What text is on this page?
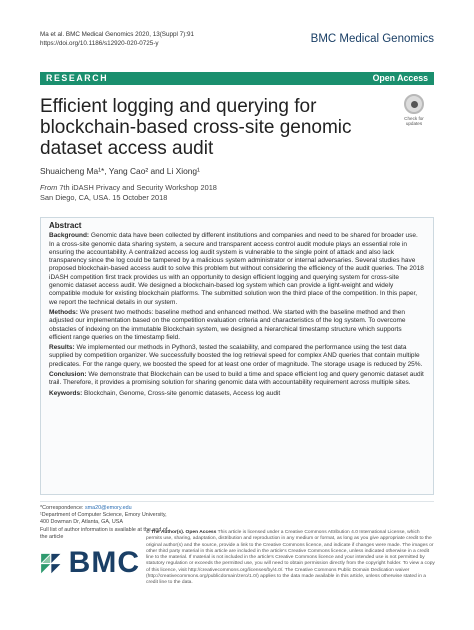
Ma et al. BMC Medical Genomics 2020, 13(Suppl 7):91
https://doi.org/10.1186/s12920-020-0725-y	BMC Medical Genomics
RESEARCH	Open Access
Efficient logging and querying for blockchain-based cross-site genomic dataset access audit
Check for
updates
Shuaicheng Ma¹*, Yang Cao² and Li Xiong¹
From 7th iDASH Privacy and Security Workshop 2018
San Diego, CA, USA. 15 October 2018
Abstract

Background: Genomic data have been collected by different institutions and companies and need to be shared for broader use. In a cross-site genomic data sharing system, a secure and transparent access control audit module plays an essential role in ensuring the accountability. A centralized access log audit system is vulnerable to the single point of attack and also lack transparency since the log could be tampered by a malicious system administrator or internal adversaries. Several studies have proposed blockchain-based access audit to solve this problem but without considering the efficiency of the audit queries. The 2018 iDASH competition first track provides us with an opportunity to design efficient logging and querying system for cross-site genomic dataset access audit. We designed a blockchain-based log system which can provide a light-weight and widely compatible module for existing blockchain platforms. The submitted solution won the third place of the competition. In this paper, we report the technical details in our system.

Methods: We present two methods: baseline method and enhanced method. We started with the baseline method and then adjusted our implementation based on the competition evaluation criteria and characteristics of the log system. To overcome obstacles of indexing on the immutable Blockchain system, we designed a hierarchical timestamp structure which supports efficient range queries on the timestamp field.

Results: We implemented our methods in Python3, tested the scalability, and compared the performance using the test data supplied by competition organizer. We successfully boosted the log retrieval speed for complex AND queries that contain multiple predicates. For the range query, we boosted the speed for at least one order of magnitude. The storage usage is reduced by 25%.

Conclusion: We demonstrate that Blockchain can be used to build a time and space efficient log and query genomic dataset audit trail. Therefore, it provides a promising solution for sharing genomic data with accountability requirement across multiple sites.

Keywords: Blockchain, Genome, Cross-site genomic datasets, Access log audit

*Correspondence: sma20@emory.edu
¹Department of Computer Science, Emory University, 400 Dowman Dr, Atlanta, GA, USA
Full list of author information is available at the end of the article
BMC
© The Author(s). Open Access This article is licensed under a Creative Commons Attribution 4.0 International License, which permits use, sharing, adaptation, distribution and reproduction in any medium or format, as long as you give appropriate credit to the original author(s) and the source, provide a link to the Creative Commons licence, and indicate if changes were made. The images or other third party material in this article are included in the article's Creative Commons licence, unless indicated otherwise in a credit line to the material. If material is not included in the article's Creative Commons licence and your intended use is not permitted by statutory regulation or exceeds the permitted use, you will need to obtain permission directly from the copyright holder. To view a copy of this licence, visit http://creativecommons.org/licenses/by/4.0/. The Creative Commons Public Domain Dedication waiver (http://creativecommons.org/publicdomain/zero/1.0/) applies to the data made available in this article, unless otherwise stated in a credit line to the data.
